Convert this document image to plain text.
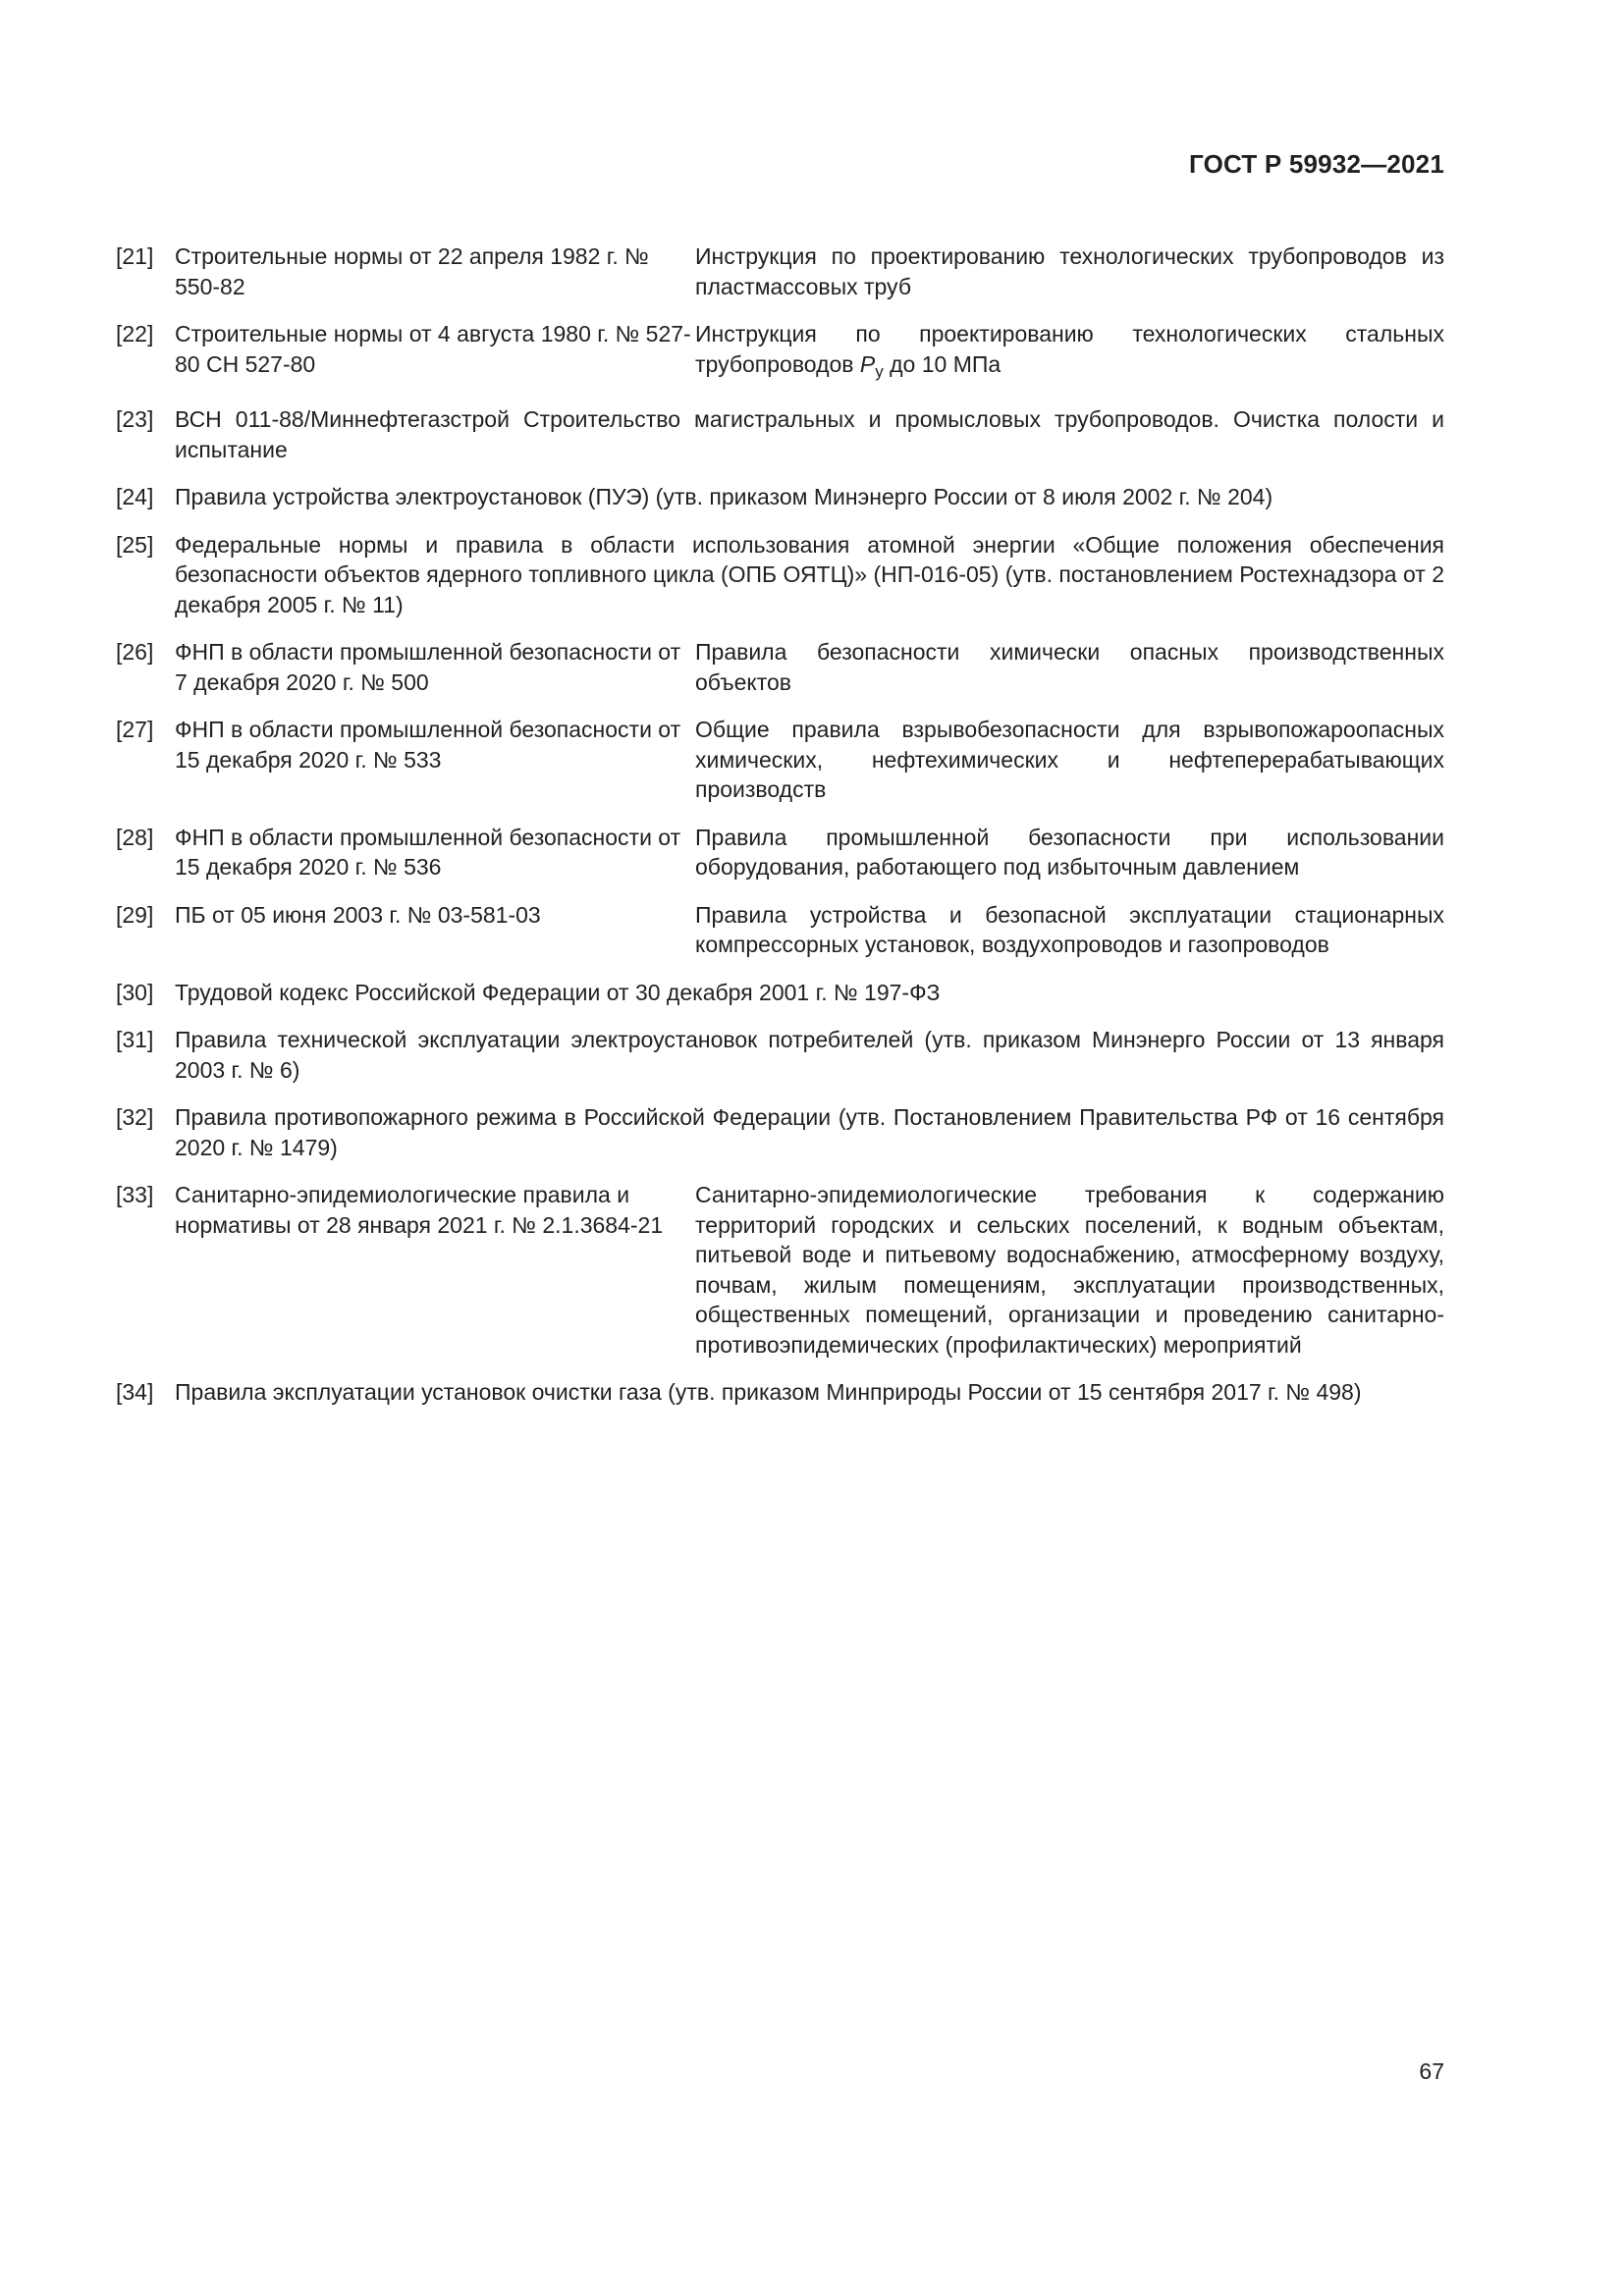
ГОСТ Р 59932—2021
[21] Строительные нормы от 22 апреля 1982 г. № 550-82
Инструкция по проектированию технологических трубопроводов из пластмассовых труб
[22] Строительные нормы от 4 августа 1980 г. № 527-80 СН 527-80
Инструкция по проектированию технологических стальных трубопроводов $P_у$ до 10 МПа
[23] ВСН 011-88/Миннефтегазстрой Строительство магистральных и промысловых трубопроводов. Очистка полости и испытание
[24] Правила устройства электроустановок (ПУЭ) (утв. приказом Минэнерго России от 8 июля 2002 г. № 204)
[25] Федеральные нормы и правила в области использования атомной энергии «Общие положения обеспечения безопасности объектов ядерного топливного цикла (ОПБ ОЯТЦ)» (НП-016-05) (утв. постановлением Ростехнадзора от 2 декабря 2005 г. № 11)
[26] ФНП в области промышленной безопасности от 7 декабря 2020 г. № 500
Правила безопасности химически опасных производственных объектов
[27] ФНП в области промышленной безопасности от 15 декабря 2020 г. № 533
Общие правила взрывобезопасности для взрывопожароопасных химических, нефтехимических и нефтеперерабатывающих производств
[28] ФНП в области промышленной безопасности от 15 декабря 2020 г. № 536
Правила промышленной безопасности при использовании оборудования, работающего под избыточным давлением
[29] ПБ от 05 июня 2003 г. № 03-581-03	Правила устройства и безопасной эксплуатации стационарных компрессорных установок, воздухопроводов и газопроводов
[30] Трудовой кодекс Российской Федерации от 30 декабря 2001 г. № 197-ФЗ
[31] Правила технической эксплуатации электроустановок потребителей (утв. приказом Минэнерго России от 13 января 2003 г. № 6)
[32] Правила противопожарного режима в Российской Федерации (утв. Постановлением Правительства РФ от 16 сентября 2020 г. № 1479)
[33] Санитарно-эпидемиологические правила и нормативы от 28 января 2021 г. № 2.1.3684-21
Санитарно-эпидемиологические требования к содержанию территорий городских и сельских поселений, к водным объектам, питьевой воде и питьевому водоснабжению, атмосферному воздуху, почвам, жилым помещениям, эксплуатации производственных, общественных помещений, организации и проведению санитарно-противоэпидемических (профилактических) мероприятий
[34] Правила эксплуатации установок очистки газа (утв. приказом Минприроды России от 15 сентября 2017 г. № 498)
67
